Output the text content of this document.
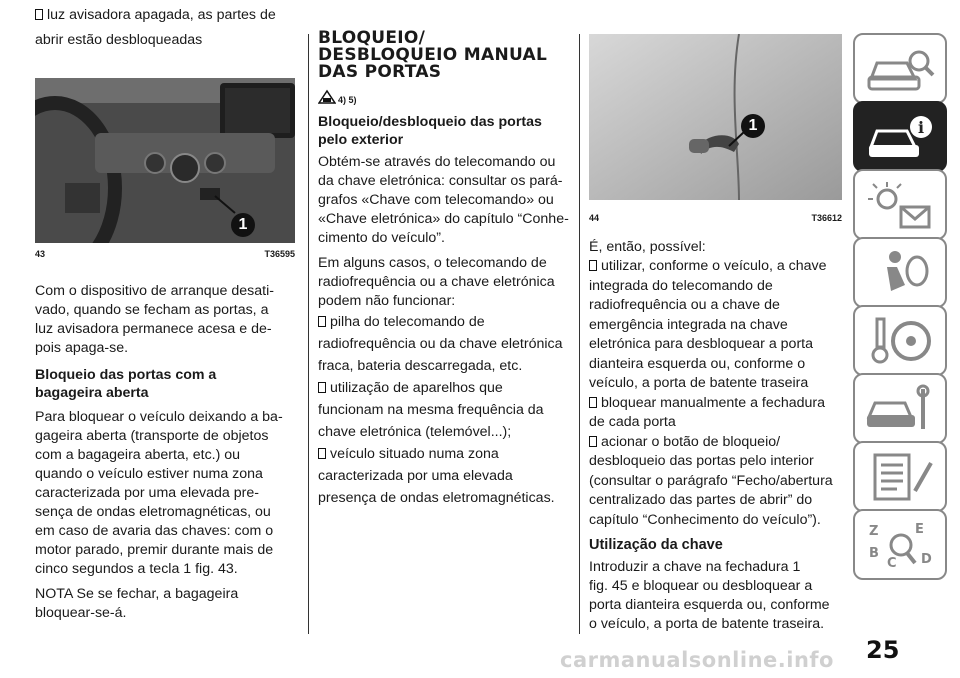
luz avisadora apagada, as partes de

abrir estão desbloqueadas

1
43	T36595

Com o dispositivo de arranque desati-

vado, quando se fecham as portas, a

luz avisadora permanece acesa e de-

pois apaga-se.

Bloqueio das portas com a

bagageira aberta

Para bloquear o veículo deixando a ba-

gageira aberta (transporte de objetos

com a bagageira aberta, etc.) ou

quando o veículo estiver numa zona

caracterizada por uma elevada pre-

sença de ondas eletromagnéticas, ou

em caso de avaria das chaves: com o

motor parado, premir durante mais de

cinco segundos a tecla 1 fig. 43.

NOTA Se se fechar, a bagageira

bloquear-se-á.

BLOQUEIO/
DESBLOQUEIO MANUAL
DAS PORTAS
4) 5)

Bloqueio/desbloqueio das portas

pelo exterior

Obtém-se através do telecomando ou

da chave eletrónica: consultar os pará-

grafos «Chave com telecomando» ou

«Chave eletrónica» do capítulo “Conhe-

cimento do veículo”.

Em alguns casos, o telecomando de

radiofrequência ou a chave eletrónica

podem não funcionar:

pilha do telecomando de

radiofrequência ou da chave eletrónica

fraca, bateria descarregada, etc.

utilização de aparelhos que

funcionam na mesma frequência da

chave eletrónica (telemóvel...);

veículo situado numa zona

caracterizada por uma elevada

presença de ondas eletromagnéticas.

1
44	T36612

É, então, possível:

utilizar, conforme o veículo, a chave

integrada do telecomando de

radiofrequência ou a chave de

emergência integrada na chave

eletrónica para desbloquear a porta

dianteira esquerda ou, conforme o

veículo, a porta de batente traseira

bloquear manualmente a fechadura

de cada porta

acionar o botão de bloqueio/

desbloqueio das portas pelo interior

(consultar o parágrafo “Fecho/abertura

centralizado das partes de abrir” do

capítulo “Conhecimento do veículo”).

Utilização da chave

Introduzir a chave na fechadura 1

fig. 45 e bloquear ou desbloquear a

porta dianteira esquerda ou, conforme

o veículo, a porta de batente traseira.

i
Z	E
B
C D
25
carmanualsonline.info
